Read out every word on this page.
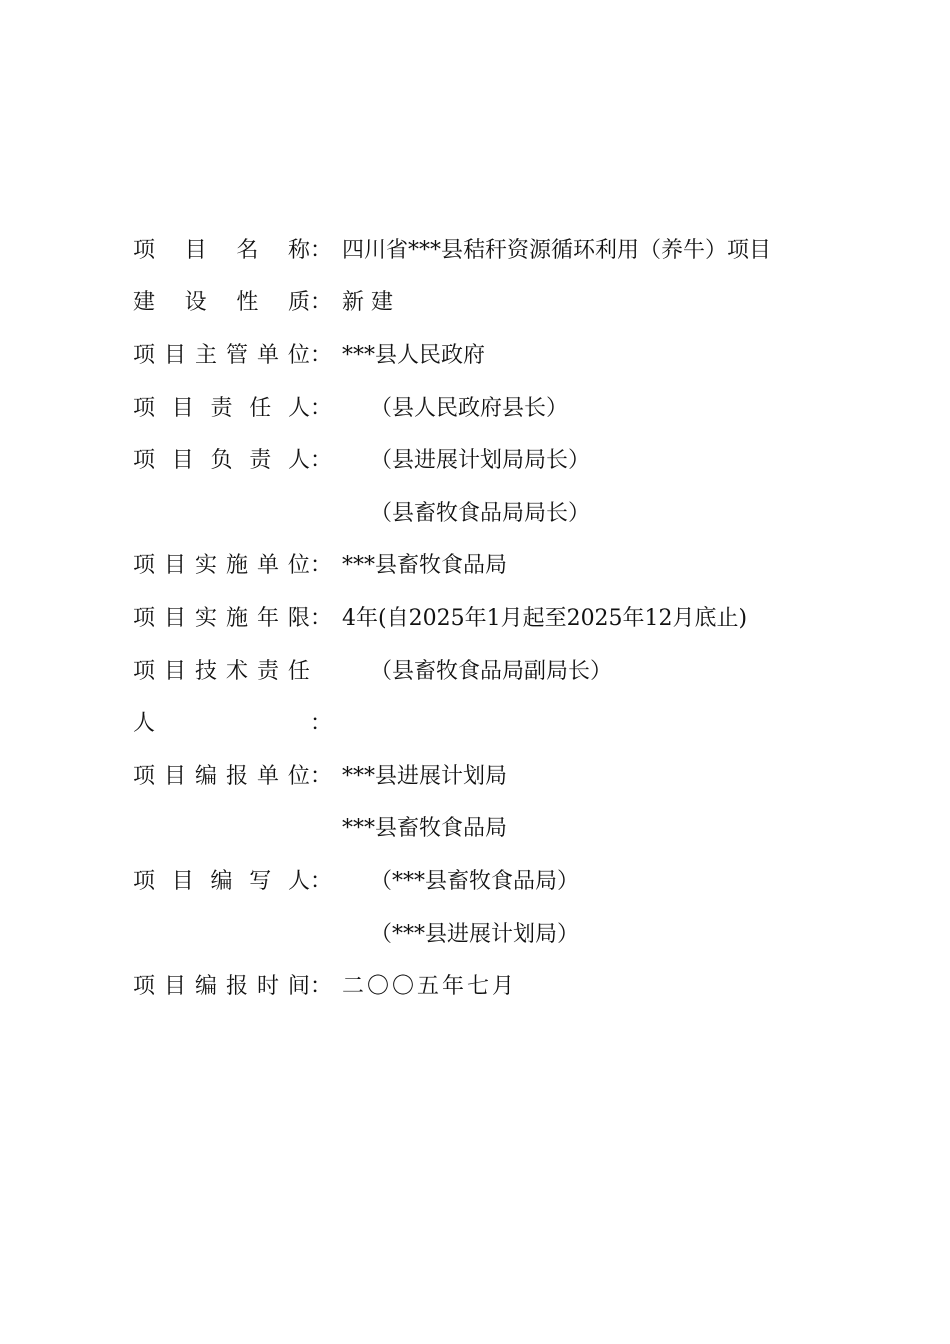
项 目 名 称 ： 四川省***县秸秆资源循环利用（养牛）项目
建 设 性 质 ： 新 建
项 目 主 管 单 位 ： ***县人民政府
项 目 责 任 人 ：	（县人民政府县长）
项 目 负 责 人 ：	（县进展计划局局长）
（县畜牧食品局局长）
项 目 实 施 单 位 ： ***县畜牧食品局
项 目 实 施 年 限 ： 4年(自2025年1月起至2025年12月底止)
项 目 技 术 责 任	（县畜牧食品局副局长）
人	：
项 目 编 报 单 位 ： ***县进展计划局
***县畜牧食品局
项 目 编 写 人 ：	（***县畜牧食品局）
（***县进展计划局）
项 目 编 报 时 间 ： 二〇〇五年七月
